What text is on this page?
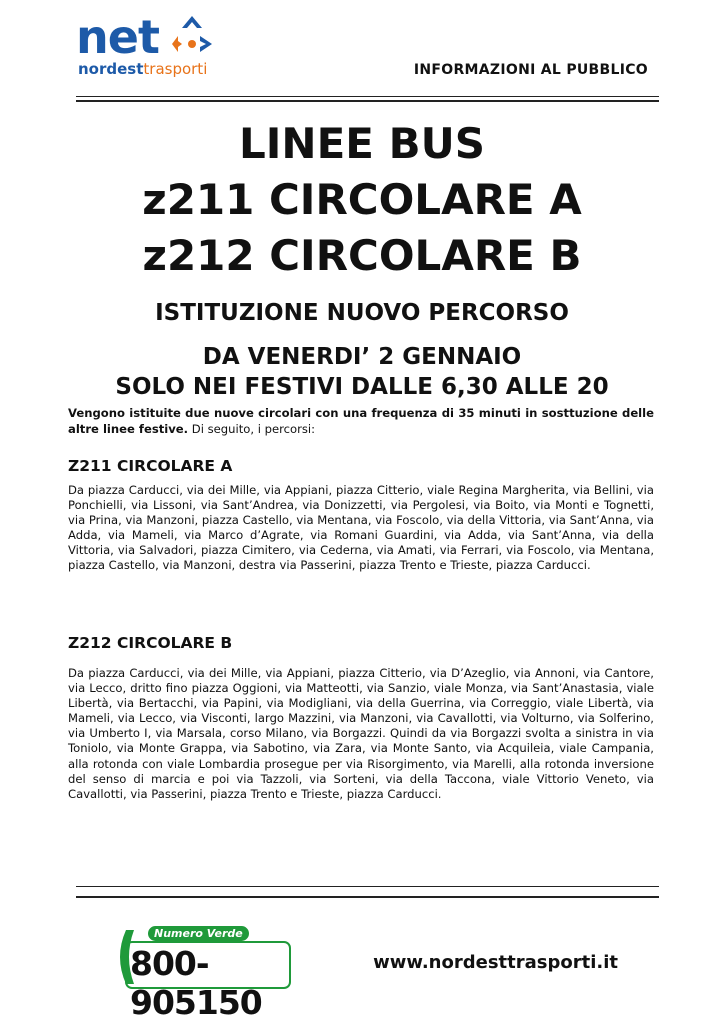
net
nordesttrasporti	INFORMAZIONI AL PUBBLICO
LINEE BUS
z211 CIRCOLARE A
z212 CIRCOLARE B
ISTITUZIONE NUOVO PERCORSO
DA VENERDI’ 2 GENNAIO
SOLO NEI FESTIVI DALLE 6,30 ALLE 20
Vengono istituite due nuove circolari con una frequenza di 35 minuti in sosttuzione delle altre linee festive. Di seguito, i percorsi:
Z211 CIRCOLARE A
Da piazza Carducci, via dei Mille, via Appiani, piazza Citterio, viale Regina Margherita, via Bellini, via Ponchielli, via Lissoni, via Sant’Andrea, via Donizzetti, via Pergolesi, via Boito, via Monti e Tognetti, via Prina, via Manzoni, piazza Castello, via Mentana, via Foscolo, via della Vittoria, via Sant’Anna, via Adda, via Mameli, via Marco d’Agrate, via Romani Guardini, via Adda, via Sant’Anna, via della Vittoria, via Salvadori, piazza Cimitero, via Cederna, via Amati, via Ferrari, via Foscolo, via Mentana, piazza Castello, via Manzoni, destra via Passerini, piazza Trento e Trieste, piazza Carducci.
Z212 CIRCOLARE B
Da piazza Carducci, via dei Mille, via Appiani, piazza Citterio, via D’Azeglio, via Annoni, via Cantore, via Lecco, dritto fino piazza Oggioni, via Matteotti, via Sanzio, viale Monza, via Sant’Anastasia, viale Libertà, via Bertacchi, via Papini, via Modigliani, via della Guerrina, via Correggio, viale Libertà, via Mameli, via Lecco, via Visconti, largo Mazzini, via Manzoni, via Cavallotti, via Volturno, via Solferino, via Umberto I, via Marsala, corso Milano, via Borgazzi. Quindi da via Borgazzi svolta a sinistra in via Toniolo, via Monte Grappa, via Sabotino, via Zara, via Monte Santo, via Acquileia, viale Campania, alla rotonda con viale Lombardia prosegue per via Risorgimento, via Marelli, alla rotonda inversione del senso di marcia e poi via Tazzoli, via Sorteni, via della Taccona, viale Vittorio Veneto, via Cavallotti, via Passerini, piazza Trento e Trieste, piazza Carducci.
Numero Verde
800-905150
www.nordesttrasporti.it
